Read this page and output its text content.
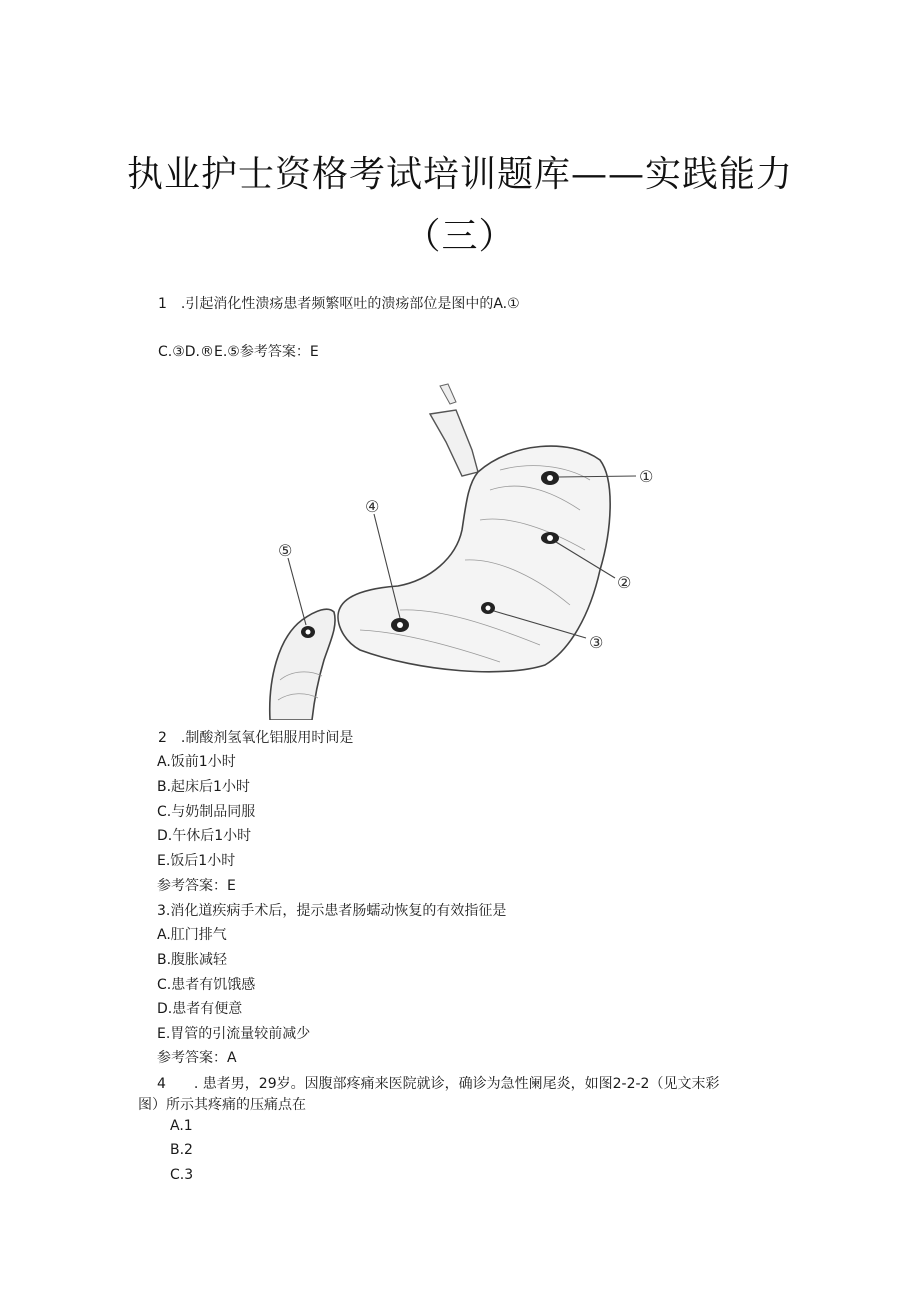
执业护士资格考试培训题库——实践能力
（三）
1　.引起消化性溃疡患者频繁呕吐的溃疡部位是图中的A.①
C.③D.®E.⑤参考答案：E
①
②
③
④
⑤
2　.制酸剂氢氧化铝服用时间是
A.饭前1小时
B.起床后1小时
C.与奶制品同服
D.午休后1小时
E.饭后1小时
参考答案：E
3.消化道疾病手术后，提示患者肠蠕动恢复的有效指征是
A.肛门排气
B.腹胀减轻
C.患者有饥饿感
D.患者有便意
E.胃管的引流量较前减少
参考答案：A
4　　. 患者男，29岁。因腹部疼痛来医院就诊，确诊为急性阑尾炎，如图2-2-2（见文末彩
图）所示其疼痛的压痛点在
A.1
B.2
C.3
